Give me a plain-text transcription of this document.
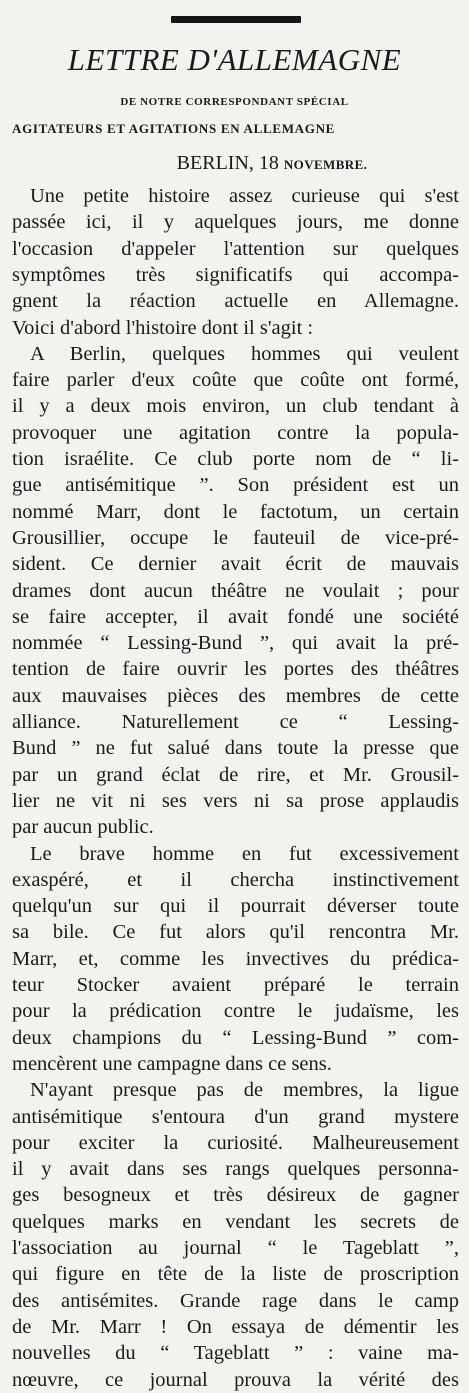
LETTRE D'ALLEMAGNE
DE NOTRE CORRESPONDANT SPÉCIAL
AGITATEURS ET AGITATIONS EN ALLEMAGNE
BERLIN, 18 NOVEMBRE.
Une petite histoire assez curieuse qui s'est
passée ici, il y aquelques jours, me donne
l'occasion d'appeler l'attention sur quelques
symptômes très significatifs qui accompa-
gnent la réaction actuelle en Allemagne.
Voici d'abord l'histoire dont il s'agit :
A Berlin, quelques hommes qui veulent
faire parler d'eux coûte que coûte ont formé,
il y a deux mois environ, un club tendant à
provoquer une agitation contre la popula-
tion israélite. Ce club porte nom de “ li-
gue antisémitique ”. Son président est un
nommé Marr, dont le factotum, un certain
Grousillier, occupe le fauteuil de vice-pré-
sident. Ce dernier avait écrit de mauvais
drames dont aucun théâtre ne voulait ; pour
se faire accepter, il avait fondé une société
nommée “ Lessing-Bund ”, qui avait la pré-
tention de faire ouvrir les portes des théâtres
aux mauvaises pièces des membres de cette
alliance. Naturellement ce “ Lessing-
Bund ” ne fut salué dans toute la presse que
par un grand éclat de rire, et Mr. Grousil-
lier ne vit ni ses vers ni sa prose applaudis
par aucun public.
Le brave homme en fut excessivement
exaspéré, et il chercha instinctivement
quelqu'un sur qui il pourrait déverser toute
sa bile. Ce fut alors qu'il rencontra Mr.
Marr, et, comme les invectives du prédica-
teur Stocker avaient préparé le terrain
pour la prédication contre le judaïsme, les
deux champions du “ Lessing-Bund ” com-
mencèrent une campagne dans ce sens.
N'ayant presque pas de membres, la ligue
antisémitique s'entoura d'un grand mystere
pour exciter la curiosité. Malheureusement
il y avait dans ses rangs quelques personna-
ges besogneux et très désireux de gagner
quelques marks en vendant les secrets de
l'association au journal “ le Tageblatt ”,
qui figure en tête de la liste de proscription
des antisémites. Grande rage dans le camp
de Mr. Marr ! On essaya de démentir les
nouvelles du “ Tageblatt ” : vaine ma-
nœuvre, ce journal prouva la vérité des
